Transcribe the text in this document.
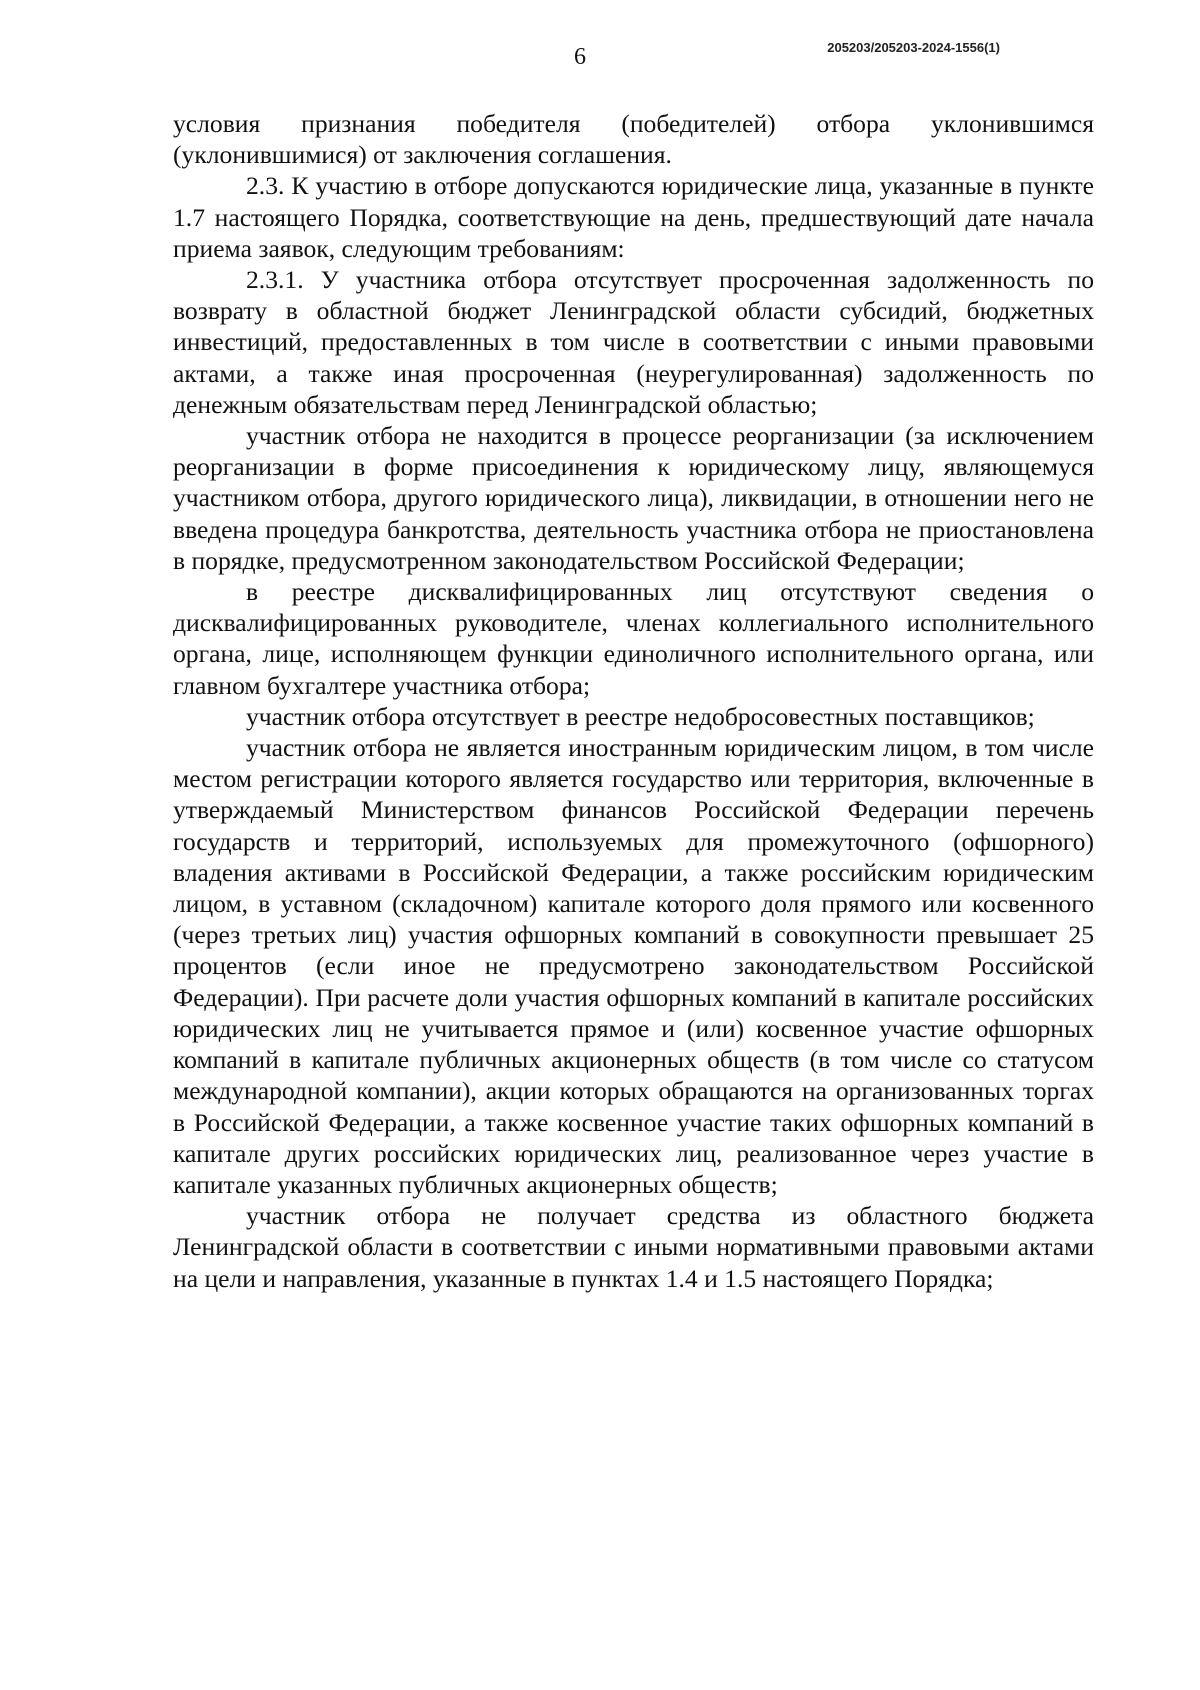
6	205203/205203-2024-1556(1)

условия признания победителя (победителей) отбора уклонившимся (уклонившимися) от заключения соглашения.

2.3. К участию в отборе допускаются юридические лица, указанные в пункте 1.7 настоящего Порядка, соответствующие на день, предшествующий дате начала приема заявок, следующим требованиям:

2.3.1. У участника отбора отсутствует просроченная задолженность по возврату в областной бюджет Ленинградской области субсидий, бюджетных инвестиций, предоставленных в том числе в соответствии с иными правовыми актами, а также иная просроченная (неурегулированная) задолженность по денежным обязательствам перед Ленинградской областью;

участник отбора не находится в процессе реорганизации (за исключением реорганизации в форме присоединения к юридическому лицу, являющемуся участником отбора, другого юридического лица), ликвидации, в отношении него не введена процедура банкротства, деятельность участника отбора не приостановлена в порядке, предусмотренном законодательством Российской Федерации;

в реестре дисквалифицированных лиц отсутствуют сведения о дисквалифицированных руководителе, членах коллегиального исполнительного органа, лице, исполняющем функции единоличного исполнительного органа, или главном бухгалтере участника отбора;

участник отбора отсутствует в реестре недобросовестных поставщиков;

участник отбора не является иностранным юридическим лицом, в том числе местом регистрации которого является государство или территория, включенные в утверждаемый Министерством финансов Российской Федерации перечень государств и территорий, используемых для промежуточного (офшорного) владения активами в Российской Федерации, а также российским юридическим лицом, в уставном (складочном) капитале которого доля прямого или косвенного (через третьих лиц) участия офшорных компаний в совокупности превышает 25 процентов (если иное не предусмотрено законодательством Российской Федерации). При расчете доли участия офшорных компаний в капитале российских юридических лиц не учитывается прямое и (или) косвенное участие офшорных компаний в капитале публичных акционерных обществ (в том числе со статусом международной компании), акции которых обращаются на организованных торгах в Российской Федерации, а также косвенное участие таких офшорных компаний в капитале других российских юридических лиц, реализованное через участие в капитале указанных публичных акционерных обществ;

участник отбора не получает средства из областного бюджета Ленинградской области в соответствии с иными нормативными правовыми актами на цели и направления, указанные в пунктах 1.4 и 1.5 настоящего Порядка;
